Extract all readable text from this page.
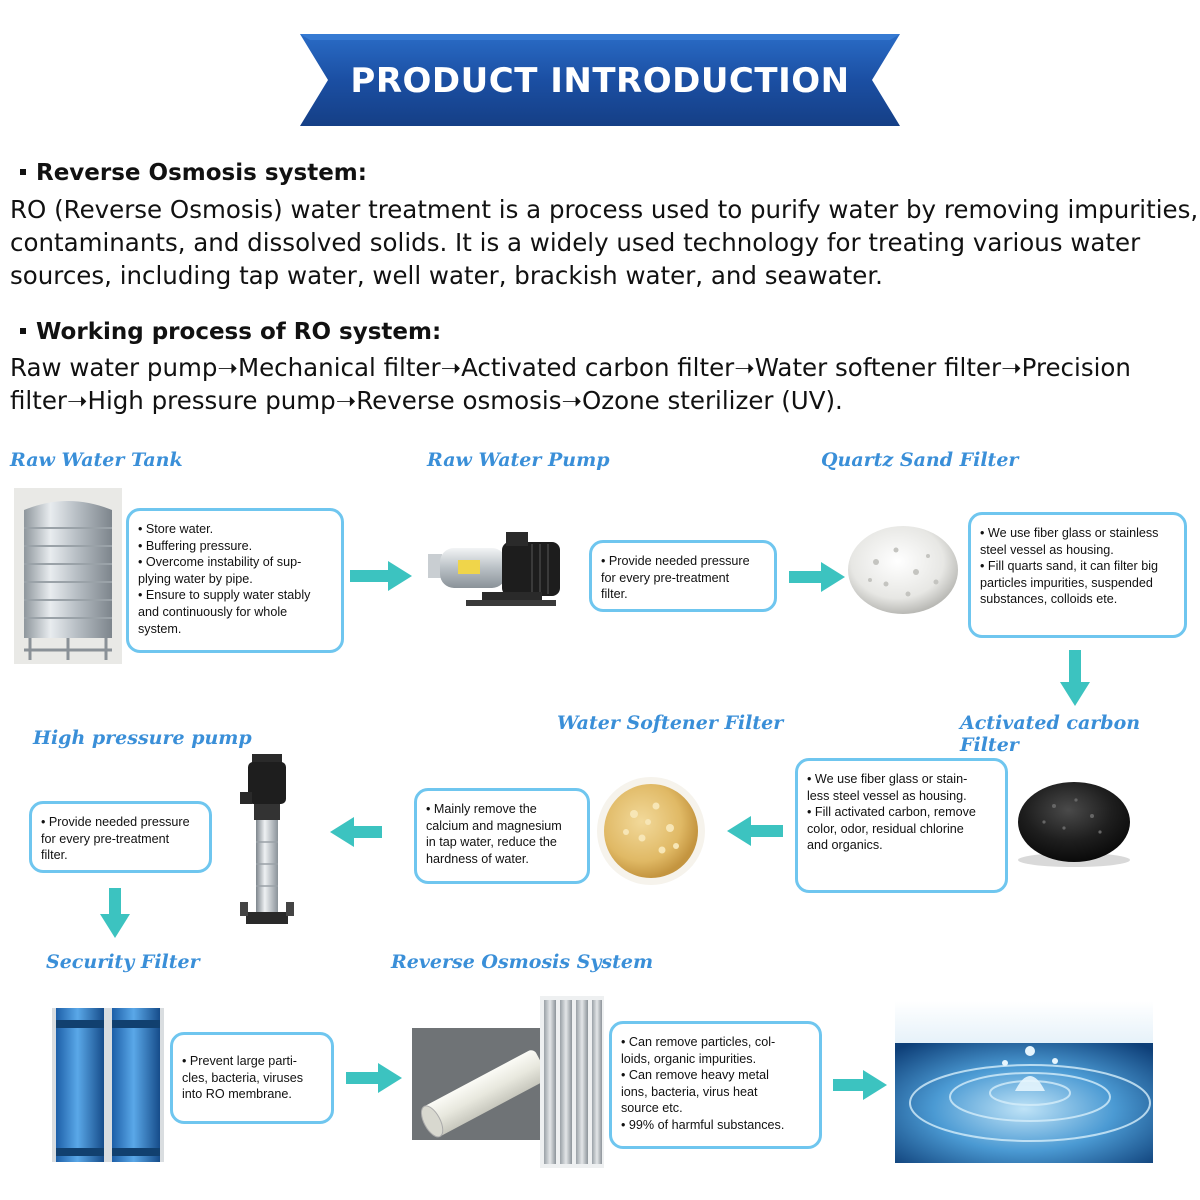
PRODUCT INTRODUCTION
Reverse Osmosis system:
RO (Reverse Osmosis) water treatment is a process used to purify water by removing impurities,
contaminants, and dissolved solids. It is a widely used technology for treating various water
sources, including tap water, well water, brackish water, and seawater.
Working process of RO system:
Raw water pump➝Mechanical filter➝Activated carbon filter➝Water softener filter➝Precision
filter➝High pressure pump➝Reverse osmosis➝Ozone sterilizer (UV).
Raw Water Tank	Raw Water Pump	Quartz Sand Filter
Activated carbon Filter
Water Softener Filter
High pressure pump
Security Filter	Reverse Osmosis System
• Store water.
• Buffering pressure.
• Overcome instability of sup-
plying water by pipe.
• Ensure to supply water stably
and continuously for whole
system.
• Provide needed pressure
for every pre-treatment
filter.
• We use fiber glass or stainless
steel vessel as housing.
• Fill quarts sand, it can filter big
particles impurities, suspended
substances, colloids ete.
• We use fiber glass or stain-
less steel vessel as housing.
• Fill activated carbon, remove
color, odor, residual chlorine
and organics.
• Mainly remove the
calcium and magnesium
in tap water, reduce the
hardness of water.
• Provide needed pressure
for every pre-treatment
filter.
• Prevent large parti-
cles, bacteria, viruses
into RO membrane.
• Can remove particles, col-
loids, organic impurities.
• Can remove heavy metal
ions, bacteria, virus heat
source etc.
• 99% of harmful substances.
